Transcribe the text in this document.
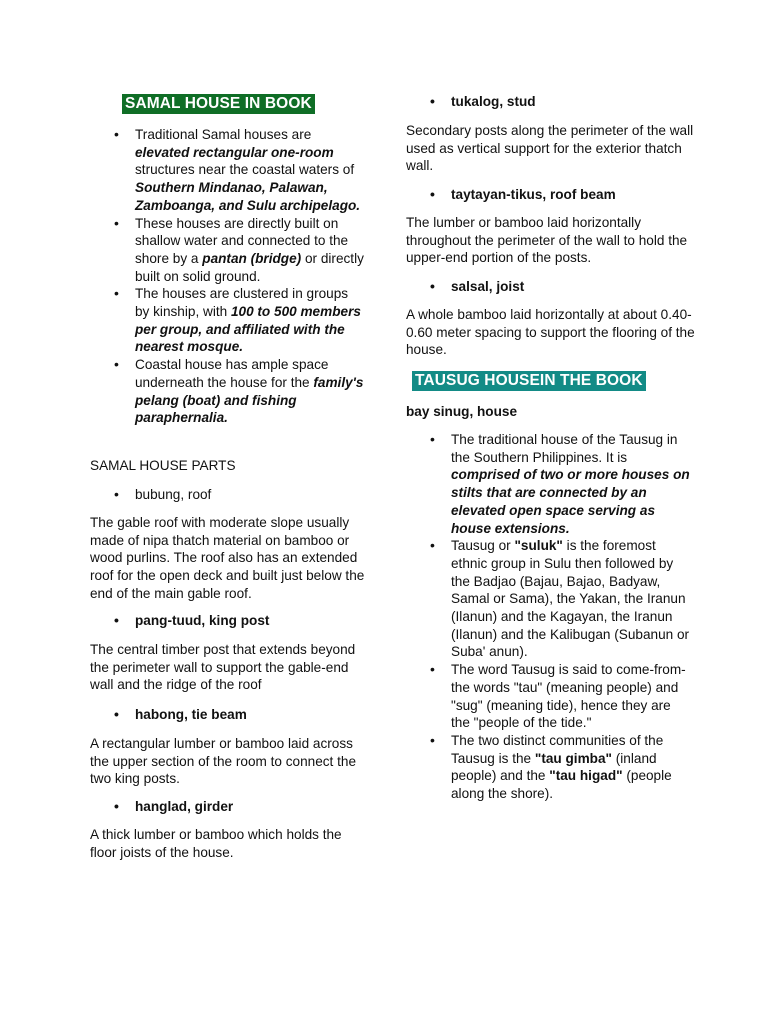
SAMAL HOUSE IN BOOK
• Traditional Samal houses are elevated rectangular one-room structures near the coastal waters of Southern Mindanao, Palawan, Zamboanga, and Sulu archipelago.
• These houses are directly built on shallow water and connected to the shore by a pantan (bridge) or directly built on solid ground.
• The houses are clustered in groups by kinship, with 100 to 500 members per group, and affiliated with the nearest mosque.
• Coastal house has ample space underneath the house for the family's pelang (boat) and fishing paraphernalia.

SAMAL HOUSE PARTS

• bubung, roof

The gable roof with moderate slope usually made of nipa thatch material on bamboo or wood purlins. The roof also has an extended roof for the open deck and built just below the end of the main gable roof.

• pang-tuud, king post

The central timber post that extends beyond the perimeter wall to support the gable-end wall and the ridge of the roof

• habong, tie beam

A rectangular lumber or bamboo laid across the upper section of the room to connect the two king posts.

• hanglad, girder

A thick lumber or bamboo which holds the floor joists of the house.

• tukalog, stud

Secondary posts along the perimeter of the wall used as vertical support for the exterior thatch wall.

• taytayan-tikus, roof beam

The lumber or bamboo laid horizontally throughout the perimeter of the wall to hold the upper-end portion of the posts.

• salsal, joist

A whole bamboo laid horizontally at about 0.40-0.60 meter spacing to support the flooring of the house.

TAUSUG HOUSEIN THE BOOK

bay sinug, house

• The traditional house of the Tausug in the Southern Philippines. It is comprised of two or more houses on stilts that are connected by an elevated open space serving as house extensions.
• Tausug or "suluk" is the foremost ethnic group in Sulu then followed by the Badjao (Bajau, Bajao, Badyaw, Samal or Sama), the Yakan, the Iranun (Ilanun) and the Kagayan, the Iranun (Ilanun) and the Kalibugan (Subanun or Suba' anun).
• The word Tausug is said to come-from-the words "tau" (meaning people) and "sug" (meaning tide), hence they are the "people of the tide."
• The two distinct communities of the Tausug is the "tau gimba" (inland people) and the "tau higad" (people along the shore).
